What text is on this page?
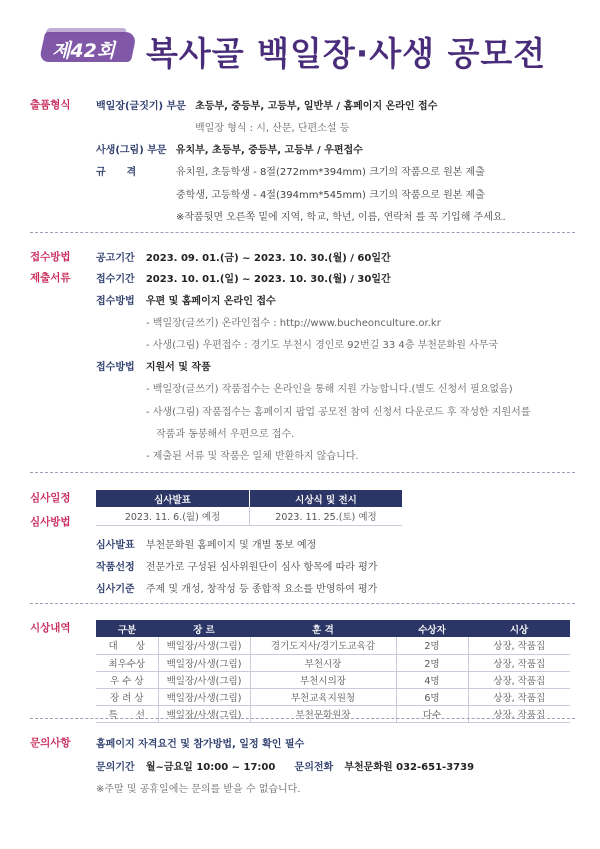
제42회 복사골 백일장·사생 공모전
출품형식	백일장(글짓기) 부문 초등부, 중등부, 고등부, 일반부 / 홈페이지 온라인 접수
백일장 형식 : 시, 산문, 단편소설 등
사생(그림) 부문 유치부, 초등부, 중등부, 고등부 / 우편접수
규      격	유치원, 초등학생 - 8절(272mm*394mm) 크기의 작품으로 원본 제출
중학생, 고등학생 - 4절(394mm*545mm) 크기의 작품으로 원본 제출
※작품뒷면 오른쪽 밑에 지역, 학교, 학년, 이름, 연락처 를 꼭 기입해 주세요.
접수방법
제출서류
공고기간 2023. 09. 01.(금) ~ 2023. 10. 30.(월) / 60일간
접수기간 2023. 10. 01.(일) ~ 2023. 10. 30.(월) / 30일간
접수방법 우편 및 홈페이지 온라인 접수
- 백일장(글쓰기) 온라인접수 : http://www.bucheonculture.or.kr
- 사생(그림) 우편접수 : 경기도 부천시 경인로 92번길 33 4층 부천문화원 사무국
접수방법 지원서 및 작품
- 백일장(글쓰기) 작품접수는 온라인을 통해 지원 가능합니다.(별도 신청서 필요없음)
- 사생(그림) 작품접수는 홈페이지 팝업 공모전 참여 신청서 다운로드 후 작성한 지원서를
작품과 동봉해서 우편으로 접수.
- 제출된 서류 및 작품은 일체 반환하지 않습니다.
심사일정
심사방법
심사발표	시상식 및 전시
2023. 11. 6.(월) 예정	2023. 11. 25.(토) 예정
심사발표 부천문화원 홈페이지 및 개별 통보 예정
작품선정 전문가로 구성된 심사위원단이 심사 항목에 따라 평가
심사기준 주제 및 개성, 창작성 등 종합적 요소를 반영하여 평가
시상내역	구분	장 르	훈 격	수상자	시상
대      상	백일장/사생(그림)	경기도지사/경기도교육감	2명	상장, 작품집
최우수상	백일장/사생(그림)	부천시장	2명	상장, 작품집
우 수 상	백일장/사생(그림)	부천시의장	4명	상장, 작품집
장 려 상	백일장/사생(그림)	부천교육지원청	6명	상장, 작품집
특      선	백일장/사생(그림)	부천문화원장	다수	상장, 작품집
문의사항	홈페이지 자격요건 및 참가방법, 일정 확인 필수
문의기간 월~금요일 10:00 ~ 17:00 문의전화 부천문화원 032-651-3739
※주말 및 공휴일에는 문의를 받을 수 없습니다.
